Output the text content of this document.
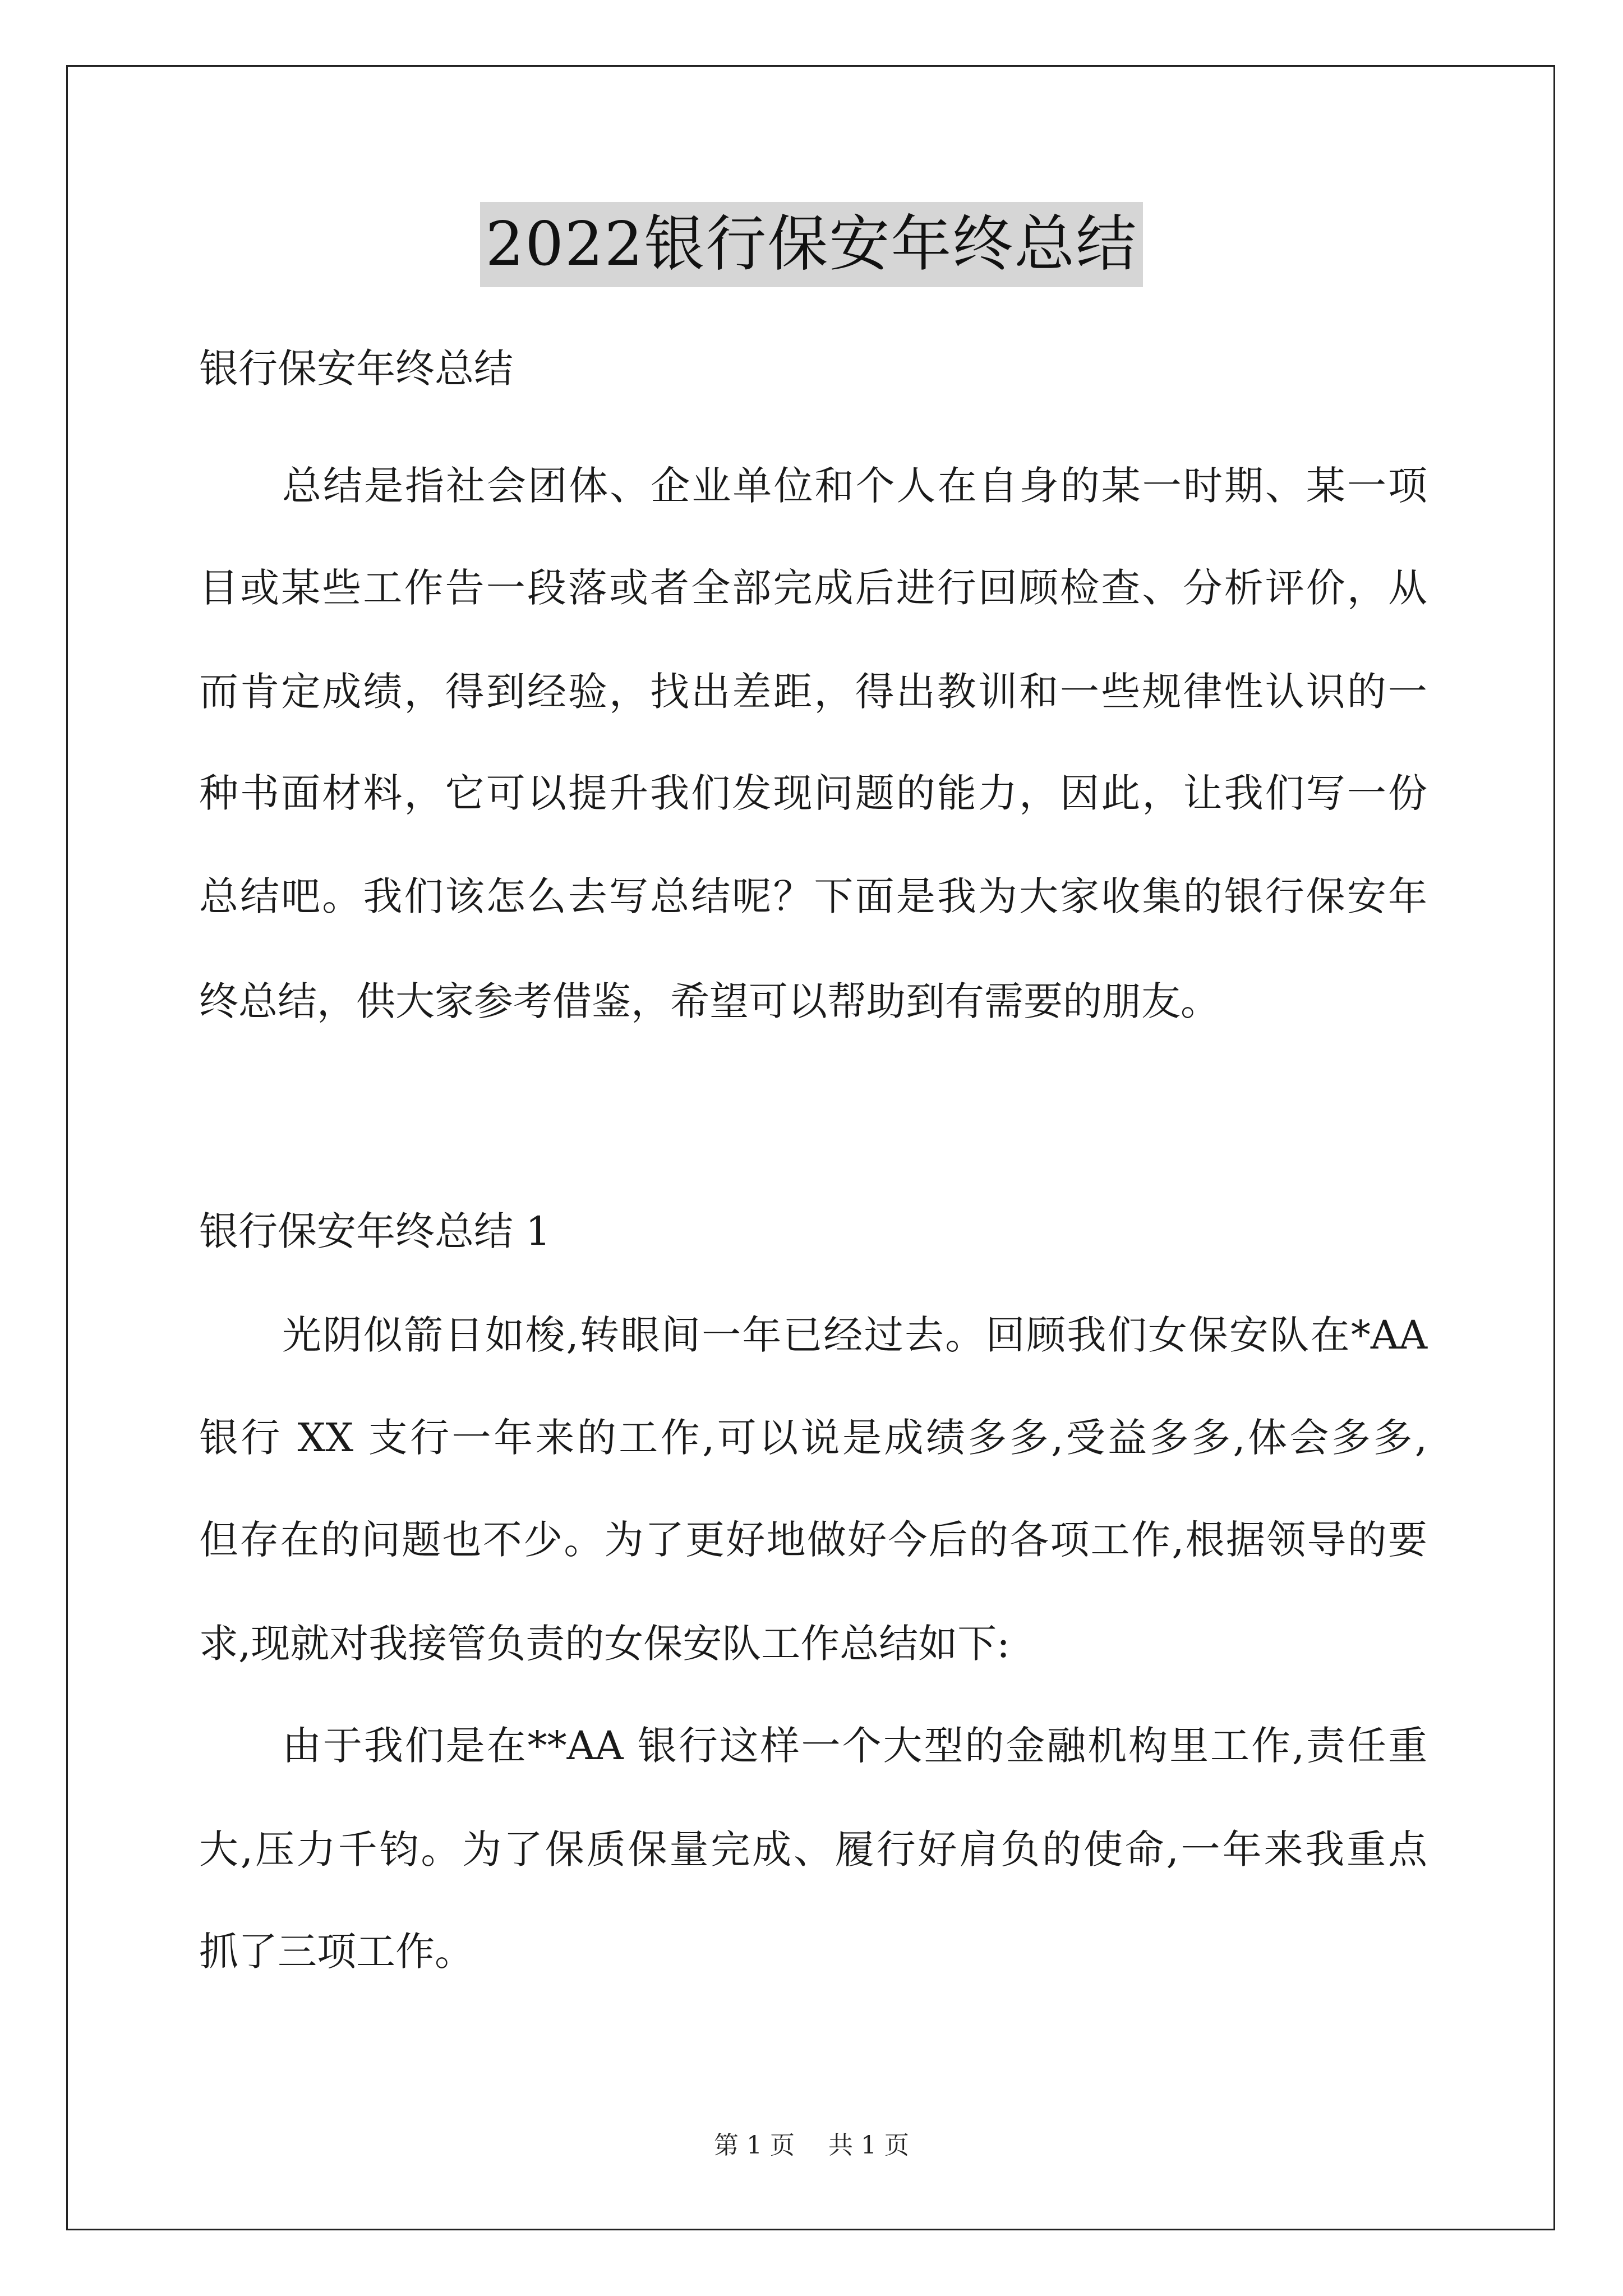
2022银行保安年终总结
银行保安年终总结
总结是指社会团体、企业单位和个人在自身的某一时期、某一项
目或某些工作告一段落或者全部完成后进行回顾检查、分析评价，从
而肯定成绩，得到经验，找出差距，得出教训和一些规律性认识的一
种书面材料，它可以提升我们发现问题的能力，因此，让我们写一份
总结吧。我们该怎么去写总结呢？下面是我为大家收集的银行保安年
终总结，供大家参考借鉴，希望可以帮助到有需要的朋友。
银行保安年终总结 1
光阴似箭日如梭,转眼间一年已经过去。回顾我们女保安队在*AA
银行 XX 支行一年来的工作,可以说是成绩多多,受益多多,体会多多,
但存在的问题也不少。为了更好地做好今后的各项工作,根据领导的要
求,现就对我接管负责的女保安队工作总结如下:
由于我们是在**AA 银行这样一个大型的金融机构里工作,责任重
大,压力千钧。为了保质保量完成、履行好肩负的使命,一年来我重点
抓了三项工作。
第 1 页 共 1 页
